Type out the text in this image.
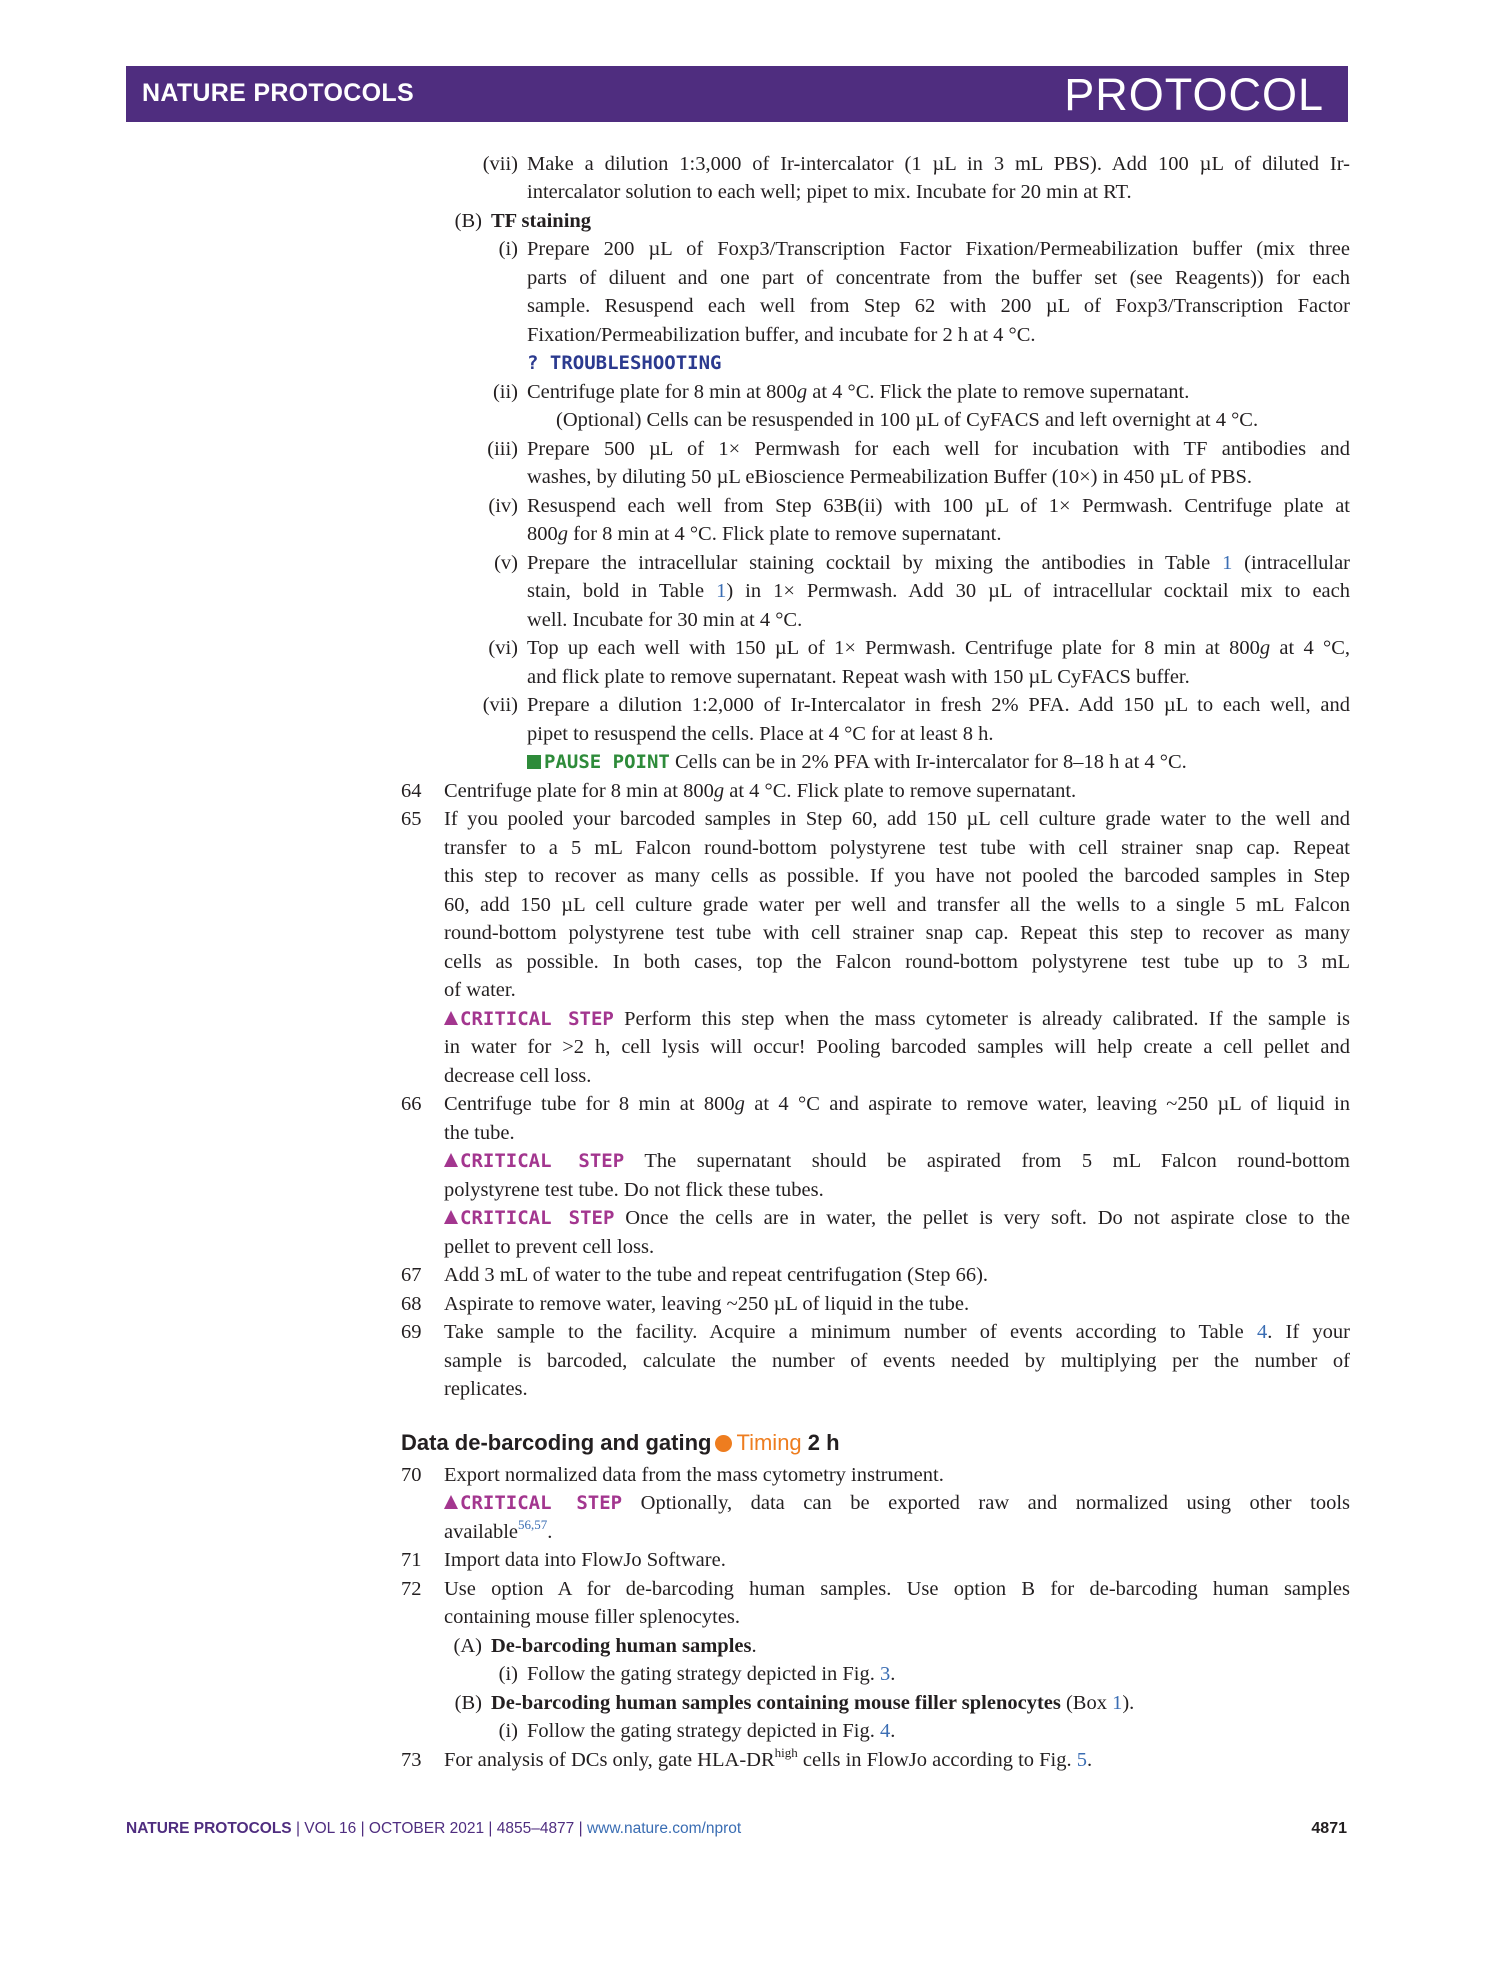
NATURE PROTOCOLS	PROTOCOL
(vii) Make a dilution 1:3,000 of Ir-intercalator (1 µL in 3 mL PBS). Add 100 µL of diluted Ir-
intercalator solution to each well; pipet to mix. Incubate for 20 min at RT.
(B) TF staining
(i) Prepare 200 µL of Foxp3/Transcription Factor Fixation/Permeabilization buffer (mix three
parts of diluent and one part of concentrate from the buffer set (see Reagents)) for each
sample. Resuspend each well from Step 62 with 200 µL of Foxp3/Transcription Factor
Fixation/Permeabilization buffer, and incubate for 2 h at 4 °C.
? TROUBLESHOOTING
(ii) Centrifuge plate for 8 min at 800g at 4 °C. Flick the plate to remove supernatant.
(Optional) Cells can be resuspended in 100 µL of CyFACS and left overnight at 4 °C.
(iii) Prepare 500 µL of 1× Permwash for each well for incubation with TF antibodies and
washes, by diluting 50 µL eBioscience Permeabilization Buffer (10×) in 450 µL of PBS.
(iv) Resuspend each well from Step 63B(ii) with 100 µL of 1× Permwash. Centrifuge plate at
800g for 8 min at 4 °C. Flick plate to remove supernatant.
(v) Prepare the intracellular staining cocktail by mixing the antibodies in Table 1 (intracellular
stain, bold in Table 1) in 1× Permwash. Add 30 µL of intracellular cocktail mix to each
well. Incubate for 30 min at 4 °C.
(vi) Top up each well with 150 µL of 1× Permwash. Centrifuge plate for 8 min at 800g at 4 °C,
and flick plate to remove supernatant. Repeat wash with 150 µL CyFACS buffer.
(vii) Prepare a dilution 1:2,000 of Ir-Intercalator in fresh 2% PFA. Add 150 µL to each well, and
pipet to resuspend the cells. Place at 4 °C for at least 8 h.
PAUSE POINT Cells can be in 2% PFA with Ir-intercalator for 8–18 h at 4 °C.
64 Centrifuge plate for 8 min at 800g at 4 °C. Flick plate to remove supernatant.
65 If you pooled your barcoded samples in Step 60, add 150 µL cell culture grade water to the well and
transfer to a 5 mL Falcon round-bottom polystyrene test tube with cell strainer snap cap. Repeat
this step to recover as many cells as possible. If you have not pooled the barcoded samples in Step
60, add 150 µL cell culture grade water per well and transfer all the wells to a single 5 mL Falcon
round-bottom polystyrene test tube with cell strainer snap cap. Repeat this step to recover as many
cells as possible. In both cases, top the Falcon round-bottom polystyrene test tube up to 3 mL
of water.
CRITICAL STEP Perform this step when the mass cytometer is already calibrated. If the sample is
in water for >2 h, cell lysis will occur! Pooling barcoded samples will help create a cell pellet and
decrease cell loss.
66 Centrifuge tube for 8 min at 800g at 4 °C and aspirate to remove water, leaving ~250 µL of liquid in
the tube.
CRITICAL STEP The supernatant should be aspirated from 5 mL Falcon round-bottom
polystyrene test tube. Do not flick these tubes.
CRITICAL STEP Once the cells are in water, the pellet is very soft. Do not aspirate close to the
pellet to prevent cell loss.
67 Add 3 mL of water to the tube and repeat centrifugation (Step 66).
68 Aspirate to remove water, leaving ~250 µL of liquid in the tube.
69 Take sample to the facility. Acquire a minimum number of events according to Table 4. If your
sample is barcoded, calculate the number of events needed by multiplying per the number of
replicates.
Data de-barcoding and gating Timing 2 h
70 Export normalized data from the mass cytometry instrument.
CRITICAL STEP Optionally, data can be exported raw and normalized using other tools
available$^{56,57}$.
71 Import data into FlowJo Software.
72 Use option A for de-barcoding human samples. Use option B for de-barcoding human samples
containing mouse filler splenocytes.
(A) De-barcoding human samples.
(i) Follow the gating strategy depicted in Fig. 3.
(B) De-barcoding human samples containing mouse filler splenocytes (Box 1).
(i) Follow the gating strategy depicted in Fig. 4.
73 For analysis of DCs only, gate HLA-$DR^{high}$ cells in FlowJo according to Fig. 5.
NATURE PROTOCOLS | VOL 16 | OCTOBER 2021 | 4855–4877 | www.nature.com/nprot	4871
